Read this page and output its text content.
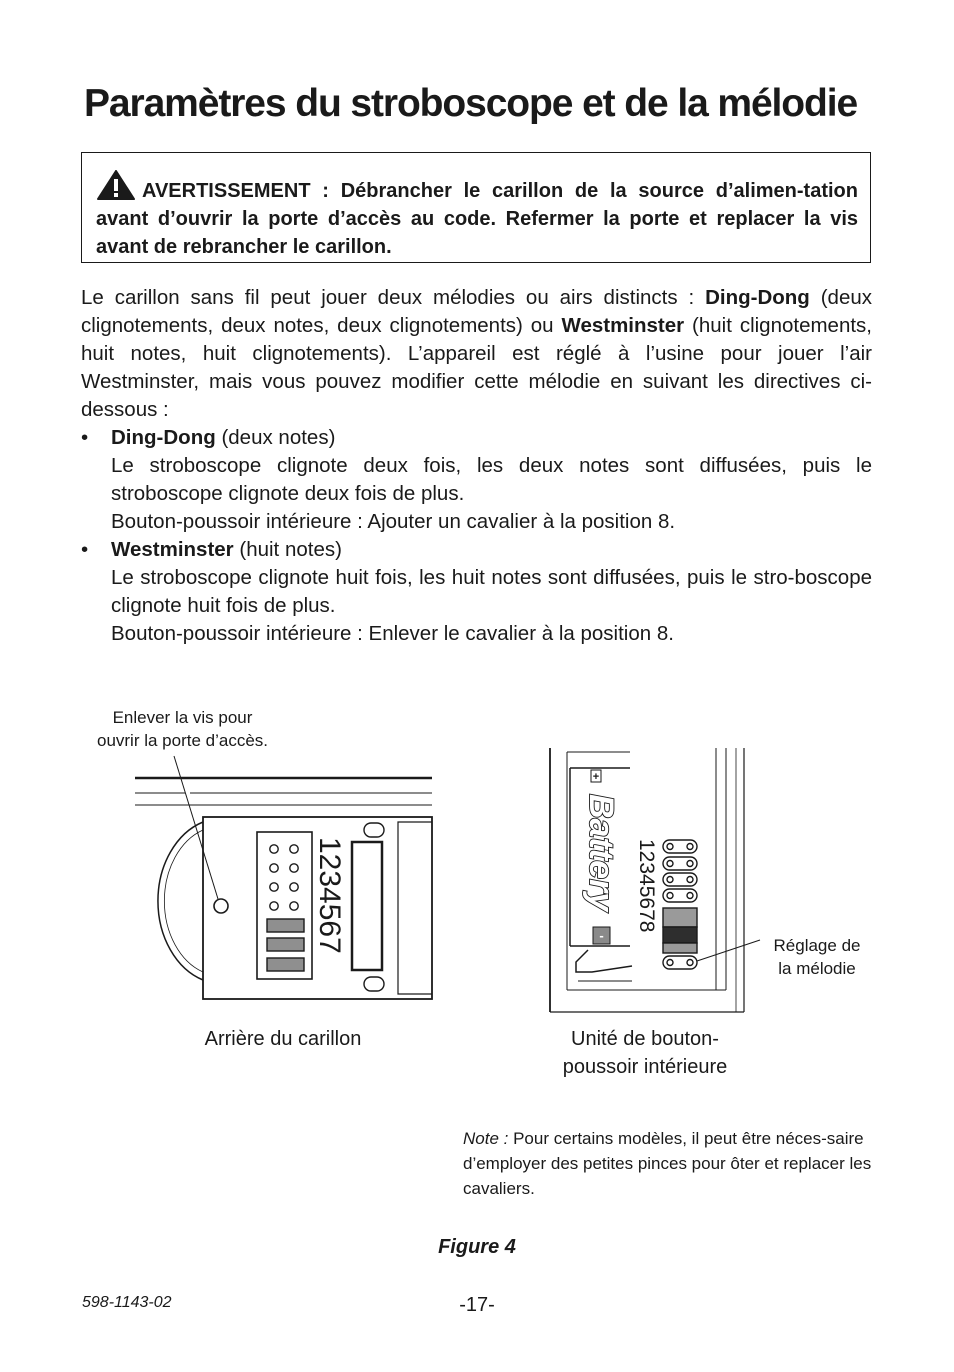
Paramètres du stroboscope et de la mélodie
AVERTISSEMENT : Débrancher le carillon de la source d’alimen-tation avant d’ouvrir la porte d’accès au code. Refermer la porte et replacer la vis avant de rebrancher le carillon.

Le carillon sans fil peut jouer deux mélodies ou airs distincts : Ding-Dong (deux clignotements, deux notes, deux clignotements) ou Westminster (huit clignotements, huit notes, huit clignotements). L’appareil est réglé à l’usine pour jouer l’air Westminster, mais vous pouvez modifier cette mélodie en suivant les directives ci-dessous :

• Ding-Dong (deux notes)

Le stroboscope clignote deux fois, les deux notes sont diffusées, puis le stroboscope clignote deux fois de plus.

Bouton-poussoir intérieure : Ajouter un cavalier à la position 8.

• Westminster (huit notes)

Le stroboscope clignote huit fois, les huit notes sont diffusées, puis le stro-boscope clignote huit fois de plus.

Bouton-poussoir intérieure : Enlever le cavalier à la position 8.

Enlever la vis pour
ouvrir la porte d’accès.
1234567	Battery
+
-
12345678
Réglage de
la mélodie
Arrière du carillon	Unité de bouton-
poussoir intérieure
Note : Pour certains modèles, il peut être néces-saire d’employer des petites pinces pour ôter et replacer les cavaliers.
Figure 4
598-1143-02	-17-
